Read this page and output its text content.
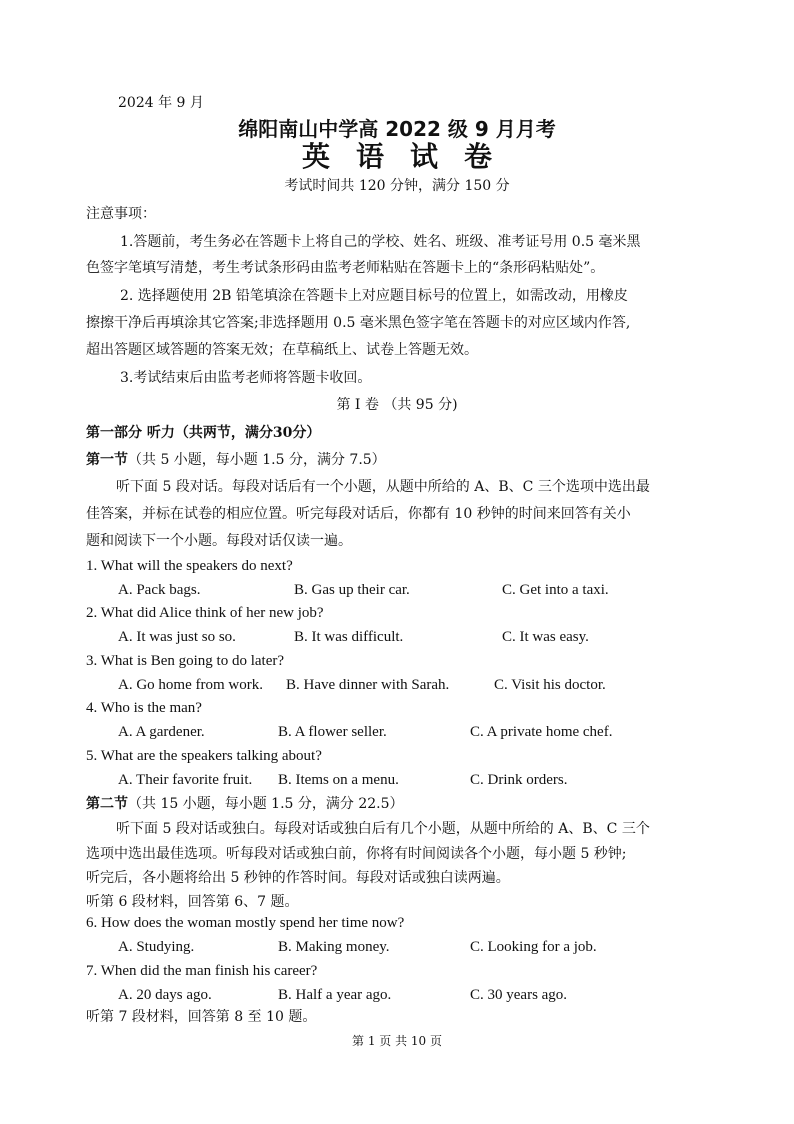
2024 年 9 月
绵阳南山中学高 2022 级 9 月月考
英语试卷
考试时间共 120 分钟，满分 150 分
注意事项：
1.答题前，考生务必在答题卡上将自己的学校、姓名、班级、准考证号用 0.5 毫米黑
色签字笔填写清楚，考生考试条形码由监考老师粘贴在答题卡上的“条形码粘贴处”。
2. 选择题使用 2B 铅笔填涂在答题卡上对应题目标号的位置上，如需改动，用橡皮
擦擦干净后再填涂其它答案;非选择题用 0.5 毫米黑色签字笔在答题卡的对应区域内作答,
超出答题区域答题的答案无效；在草稿纸上、试卷上答题无效。
3.考试结束后由监考老师将答题卡收回。
第 I 卷 （共 95 分)
第一部分 听力（共两节，满分30分）
第一节（共 5 小题，每小题 1.5 分，满分 7.5）
听下面 5 段对话。每段对话后有一个小题，从题中所给的 A、B、C 三个选项中选出最
佳答案，并标在试卷的相应位置。听完每段对话后，你都有 10 秒钟的时间来回答有关小
题和阅读下一个小题。每段对话仅读一遍。
1. What will the speakers do next?
A. Pack bags.	B. Gas up their car.	C. Get into a taxi.
2. What did Alice think of her new job?
A. It was just so so.	B. It was difficult.	C. It was easy.
3. What is Ben going to do later?
A. Go home from work. B. Have dinner with Sarah.	C. Visit his doctor.
4. Who is the man?
A. A gardener.	B. A flower seller.	C. A private home chef.
5. What are the speakers talking about?
A. Their favorite fruit. B. Items on a menu.	C. Drink orders.
第二节（共 15 小题，每小题 1.5 分，满分 22.5）
听下面 5 段对话或独白。每段对话或独白后有几个小题，从题中所给的 A、B、C 三个
选项中选出最佳选项。听每段对话或独白前，你将有时间阅读各个小题，每小题 5 秒钟;
听完后，各小题将给出 5 秒钟的作答时间。每段对话或独白读两遍。
听第 6 段材料，回答第 6、7 题。
6. How does the woman mostly spend her time now?
A. Studying.	B. Making money.	C. Looking for a job.
7. When did the man finish his career?
A. 20 days ago.	B. Half a year ago.	C. 30 years ago.
听第 7 段材料，回答第 8 至 10 题。
第 1 页 共 10 页
